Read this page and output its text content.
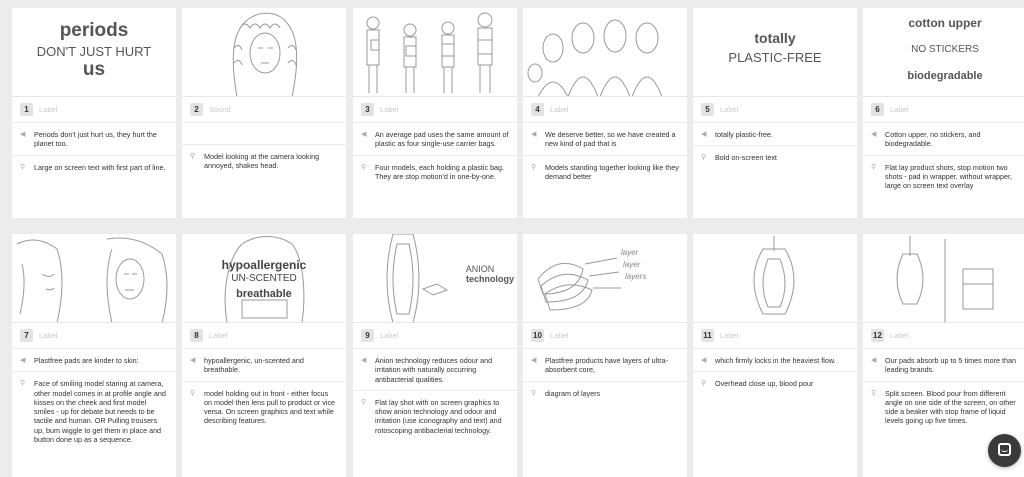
periods
DON'T JUST HURT
us
1	Label
◀	Periods don't just hurt us, they hurt the planet too.
⚲	Large on screen text with first part of line.
2	Sound
⚲	Model looking at the camera looking annoyed, shakes head.
3	Label
◀	An average pad uses the same amount of plastic as four single-use carrier bags.
⚲	Four models, each holding a plastic bag. They are stop motion'd in one-by-one.
4	Label
◀	We deserve better, so we have created a new kind of pad that is
⚲	Models standing together looking like they demand better
totally
PLASTIC-FREE
5	Label
◀	totally plastic-free.
⚲	Bold on-screen text
cotton upper
NO STICKERS
biodegradable
6	Label
◀	Cotton upper, no stickers, and biodegradable.
⚲	Flat lay product shots, stop motion two shots - pad in wrapper, without wrapper, large on screen text overlay
7	Label
◀	Plastfree pads are kinder to skin:
⚲	Face of smiling model staring at camera, other model comes in at profile angle and kisses on the cheek and first model smiles - up for debate but needs to be tactile and human. OR Pulling trousers up, bum wiggle to get them in place and button done up as a sequence.
hypoallergenic
UN-SCENTED
breathable
8	Label
◀	hypoallergenic, un-scented and breathable.
⚲	model holding out in front - either focus on model then lens pull to product or vice versa. On screen graphics and text while describing features.
ANION
technology
9	Label
◀	Anion technology reduces odour and irritation with naturally occurring antibacterial qualities.
⚲	Flat lay shot with on screen graphics to show anion technology and odour and irritation (use iconography and text) and rotoscoping antibacterial technology.
layer
layer
layers
10 Label
◀	Plastfree products have layers of ultra-absorbent core,
⚲	diagram of layers
11	Label
◀	which firmly locks in the heaviest flow.
⚲	Overhead close up, blood pour
12 Label
◀	Our pads absorb up to 5 times more than leading brands.
⚲	Split screen. Blood pour from different angle on one side of the screen, on other side a beaker with stop frame of liquid levels going up five times.
